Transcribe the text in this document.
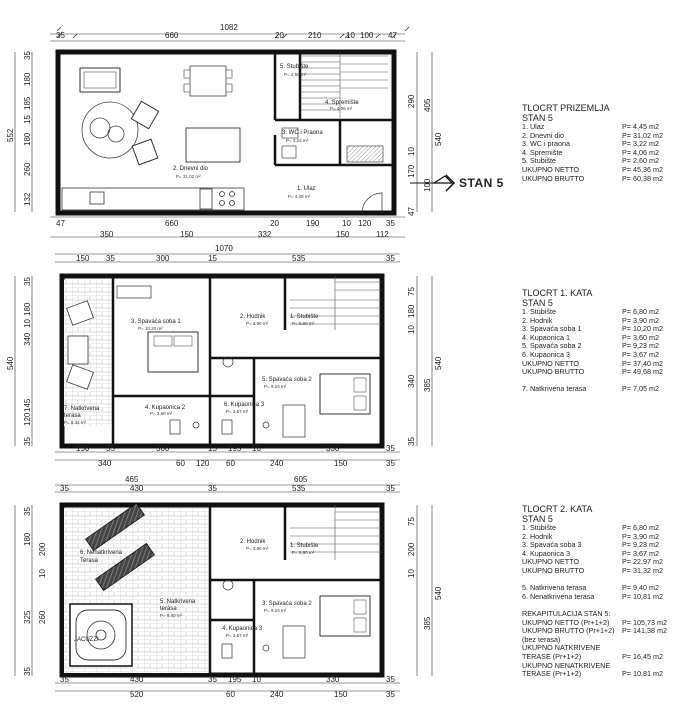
1082
35	660	20	210	10 100 47
47	660	20	190	10 120 35
350	150	332	150	112
35
180
185
15
180
260
132
552
290 405
10
170
100
47
540
1. Ulaz
P= 4,45 m²
2. Dnevni dio
P= 31,02 m²
3. WC i Praona
P= 3,22 m²
4. Spremište
P= 4,06 m²
5. Stubište
P= 2,60 m²
1070
150 35	300	15	535	35
150 35	300	15 195 10	330	35
340	60 120 60	240	150	35
35
180
10
340
145
120
35
540
75
180
10
340 385
35
540
1. Stubište
P= 6,80 m²
2. Hodnik
P= 3,90 m²
3. Spavaća soba 1
P= 10,20 m²
4. Kupaonica 2
P= 3,60 m²
5. Spavaća soba 2
P= 9,23 m²
6. Kupaonica 3
P= 3,67 m²
7. Natkrivena
terasa
P= 6,34 m²
465	605
35	430	35	535	35
35	430	35 195 10	330	35
520	60	240	150	35
35
180
200
10
325 260
35
75
200
10
385
540
1. Stubište
P= 6,80 m²
2. Hodnik
P= 3,90 m²
3. Spavaća soba 2
P= 9,23 m²
4. Kupaonica 3
P= 3,67 m²
5. Natkrivena
terasa
P= 9,40 m²
6. Nenatkrivena
Terasa
JACUZZI
STAN 5
TLOCRT PRIZEMLJA
STAN 5
1. Ulaz	P= 4,45 m2
2. Dnevni dio	P= 31,02 m2
3. WC i praona	P= 3,22 m2
4. Spremište	P= 4,06 m2
5. Stubište	P= 2,60 m2
UKUPNO NETTO	P= 45,36 m2
UKUPNO BRUTTO	P= 60,38 m2
TLOCRT 1. KATA
STAN 5
1. Stubište	P= 6,80 m2
2. Hodnik	P= 3,90 m2
3. Spavaća soba 1	P= 10,20 m2
4. Kupaonica 1	P= 3,60 m2
5. Spavaća soba 2	P= 9,23 m2
6. Kupaonica 3	P= 3,67 m2
UKUPNO NETTO	P= 37,40 m2
UKUPNO BRUTTO	P= 49,68 m2
7. Natkrivena terasa	P= 7,05 m2
TLOCRT 2. KATA
STAN 5
1. Stubište	P= 6,80 m2
2. Hodnik	P= 3,90 m2
3. Spavaća soba 3	P= 9,23 m2
4. Kupaonica 3	P= 3,67 m2
UKUPNO NETTO	P= 22,97 m2
UKUPNO BRUTTO	P= 31,32 m2
5. Natkrivena terasa	P= 9,40 m2
6. Nenatkrivena terasa	P= 10,81 m2
REKAPITULACIJA STAN 5:
UKUPNO NETTO (Pr+1+2) P= 105,73 m2
UKUPNO BRUTTO (Pr+1+2) P= 141,38 m2
(bez terasa)
UKUPNO NATKRIVENE
TERASE (Pr+1+2)	P= 16,45 m2
UKUPNO NENATKRIVENE
TERASE (Pr+1+2)	P= 10,81 m2
